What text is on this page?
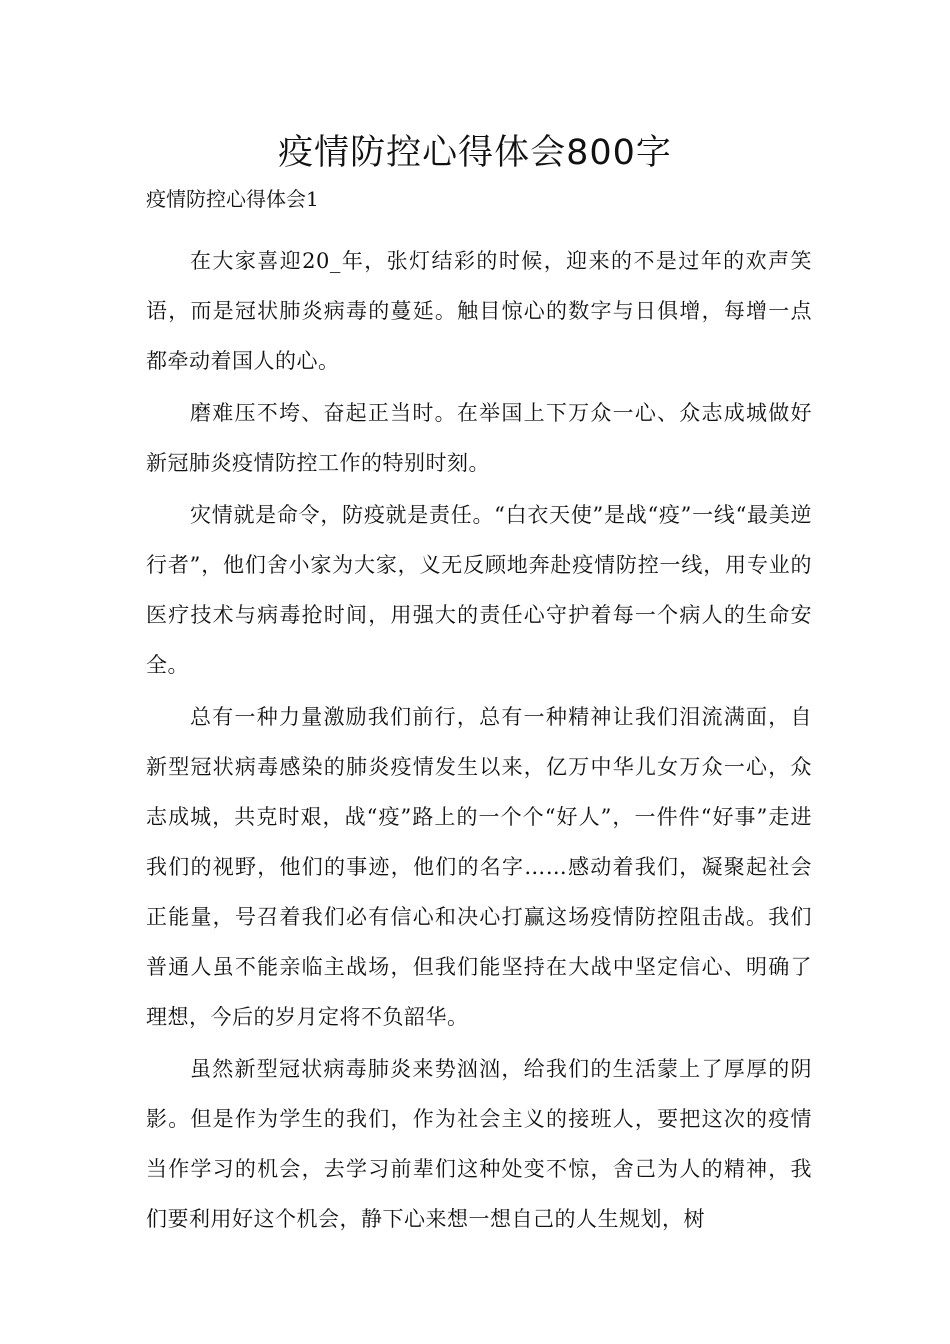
疫情防控心得体会800字

疫情防控心得体会1

在大家喜迎20_年，张灯结彩的时候，迎来的不是过年的欢声笑语，而是冠状肺炎病毒的蔓延。触目惊心的数字与日俱增，每增一点都牵动着国人的心。

磨难压不垮、奋起正当时。在举国上下万众一心、众志成城做好新冠肺炎疫情防控工作的特别时刻。

灾情就是命令，防疫就是责任。“白衣天使”是战“疫”一线“最美逆行者”，他们舍小家为大家，义无反顾地奔赴疫情防控一线，用专业的医疗技术与病毒抢时间，用强大的责任心守护着每一个病人的生命安全。

总有一种力量激励我们前行，总有一种精神让我们泪流满面，自新型冠状病毒感染的肺炎疫情发生以来，亿万中华儿女万众一心，众志成城，共克时艰，战“疫”路上的一个个“好人”，一件件“好事”走进我们的视野，他们的事迹，他们的名字……感动着我们，凝聚起社会正能量，号召着我们必有信心和决心打赢这场疫情防控阻击战。我们普通人虽不能亲临主战场，但我们能坚持在大战中坚定信心、明确了理想，今后的岁月定将不负韶华。

虽然新型冠状病毒肺炎来势汹汹，给我们的生活蒙上了厚厚的阴影。但是作为学生的我们，作为社会主义的接班人，要把这次的疫情当作学习的机会，去学习前辈们这种处变不惊，舍己为人的精神，我们要利用好这个机会，静下心来想一想自己的人生规划，树
